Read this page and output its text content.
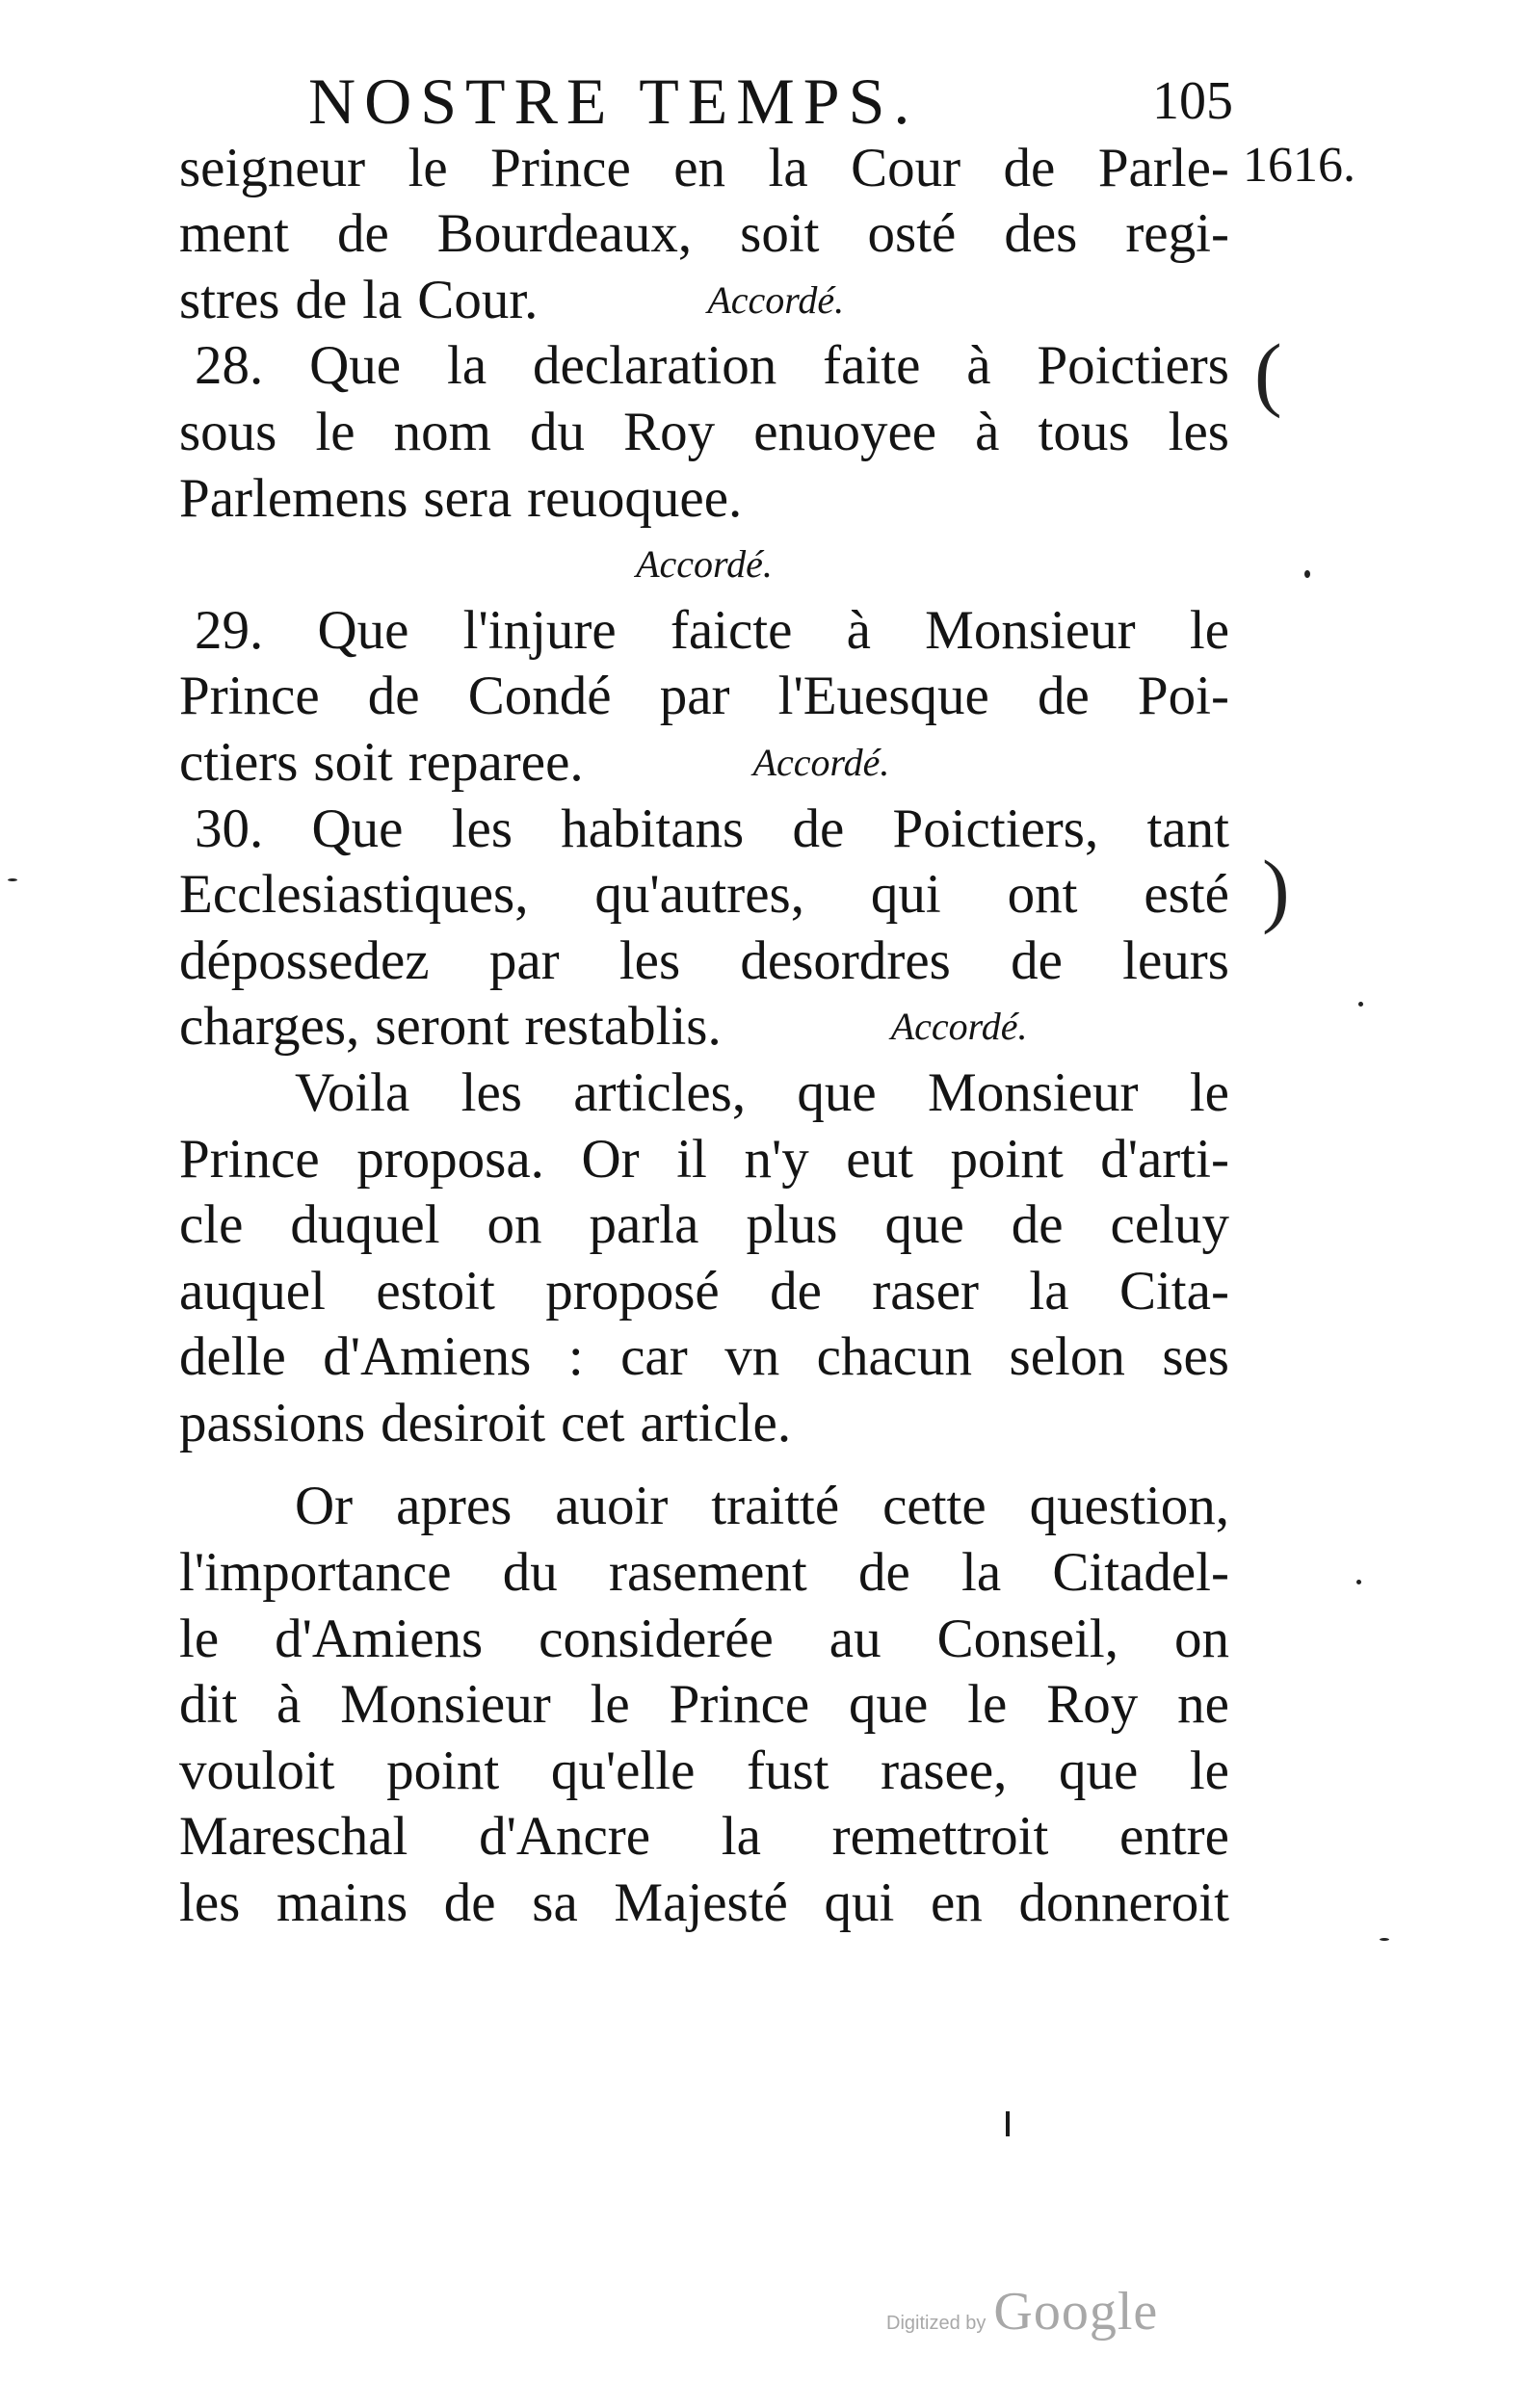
NOSTRE TEMPS.	105
1616.
seigneur le Prince en la Cour de Parle-
ment de Bourdeaux, soit osté des regi-
stres de la Cour.	Accordé.
28. Que la declaration faite à Poictiers
sous le nom du Roy enuoyee à tous les
Parlemens sera reuoquee.
Accordé.
29. Que l'injure faicte à Monsieur le
Prince de Condé par l'Euesque de Poi-
ctiers soit reparee.	Accordé.
30. Que les habitans de Poictiers, tant
Ecclesiastiques, qu'autres, qui ont esté
dépossedez par les desordres de leurs
charges, seront restablis.	Accordé.
Voila les articles, que Monsieur le
Prince proposa. Or il n'y eut point d'arti-
cle duquel on parla plus que de celuy
auquel estoit proposé de raser la Cita-
delle d'Amiens : car vn chacun selon ses
passions desiroit cet article.
Or apres auoir traitté cette question,
l'importance du rasement de la Citadel-
le d'Amiens considerée au Conseil, on
dit à Monsieur le Prince que le Roy ne
vouloit point qu'elle fust rasee, que le
Mareschal d'Ancre la remettroit entre
les mains de sa Majesté qui en donneroit
(
)
Digitized by Google
